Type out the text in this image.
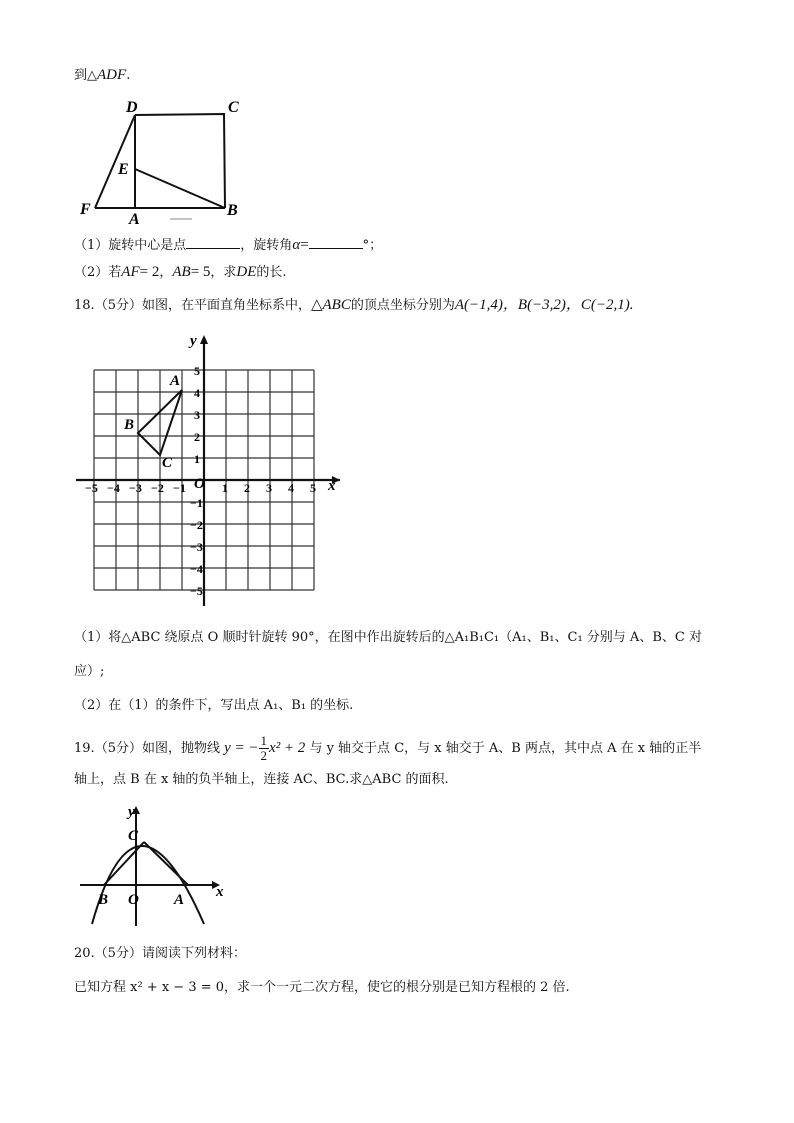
到△ADF.
D	C
E
F
A
B
（1）旋转中心是点	，旋转角α=	°；
（2）若AF= 2，AB= 5，求DE的长.
18.（5分）如图，在平面直角坐标系中，△ABC的顶点坐标分别为A(−1,4)，B(−3,2)，C(−2,1).
x
y
O
A
B
C
−5 −4 −3 −2 −1	1 2 3 4 5
5
4
3
2
1
−1
−2
−3
−4
−5
（1）将△ABC 绕原点 O 顺时针旋转 90°，在图中作出旋转后的△A₁B₁C₁（A₁、B₁、C₁ 分别与 A、B、C 对
应）;
（2）在（1）的条件下，写出点 A₁、B₁ 的坐标.
19.（5分）如图，抛物线 y = − $\frac{1}{2} x^2 + 2$ 与 y 轴交于点 C，与 x 轴交于 A、B 两点，其中点 A 在 x 轴的正半
轴上，点 B 在 x 轴的负半轴上，连接 AC、BC.求△ABC 的面积.
y
x
C
B O A
20.（5分）请阅读下列材料：
已知方程 x² + x − 3 = 0，求一个一元二次方程，使它的根分别是已知方程根的 2 倍.
